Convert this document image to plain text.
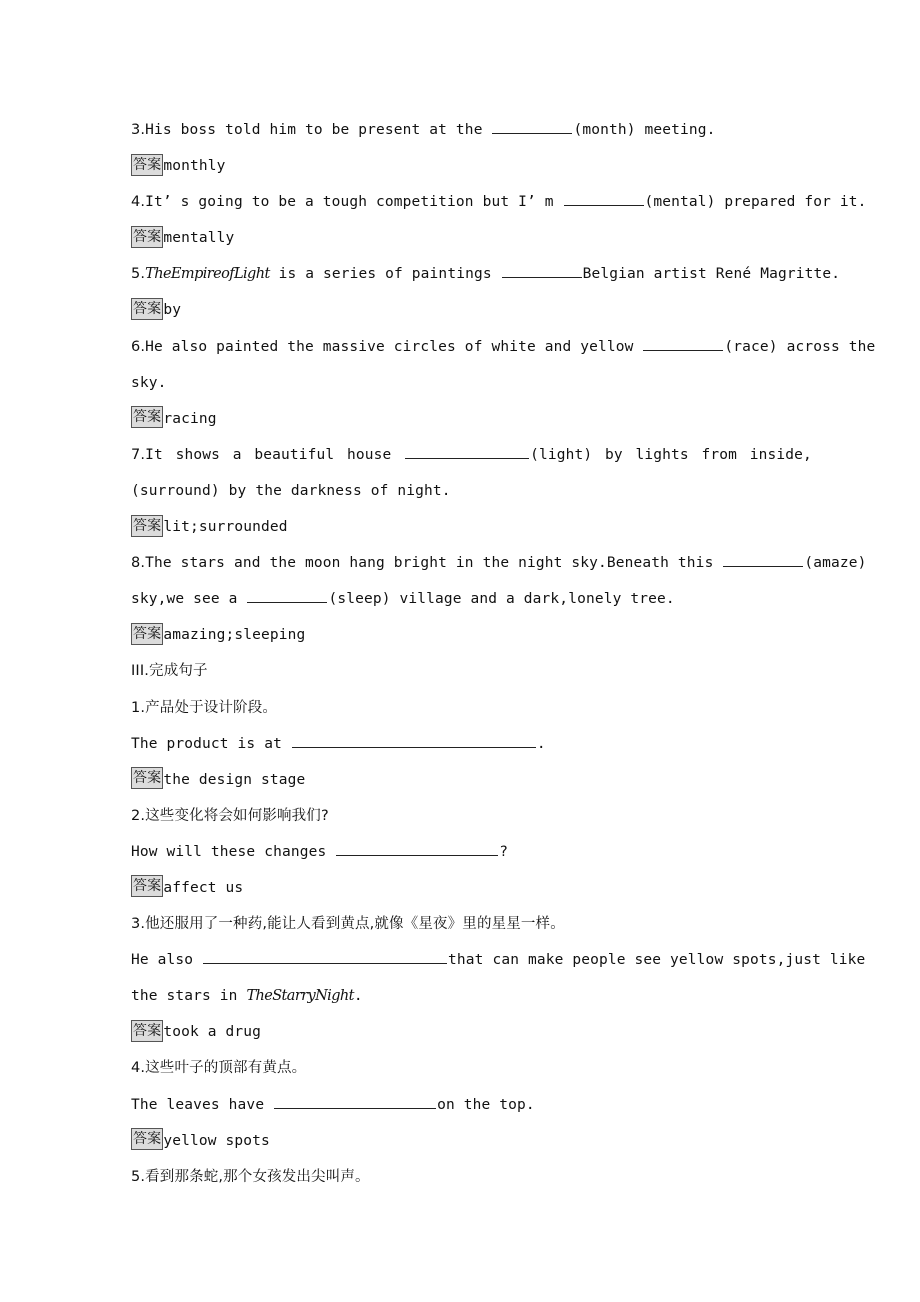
3.His boss told him to be present at the	(month) meeting.
答案 monthly
4.It’ s going to be a tough competition but I’ m	(mental) prepared for it.
答案 mentally
5.TheEmpireofLight is a series of paintings	Belgian artist René Magritte.
答案 by
6.He also painted the massive circles of white and yellow	(race) across the
sky.
答案 racing
7.It shows a beautiful house	(light) by lights from inside,
(surround) by the darkness of night.
答案 lit;surrounded
8.The stars and the moon hang bright in the night sky.Beneath this	(amaze)
sky,we see a	(sleep) village and a dark,lonely tree.
答案 amazing;sleeping
III.完成句子
1.产品处于设计阶段。
The product is at	.
答案 the design stage
2.这些变化将会如何影响我们?
How will these changes	?
答案 affect us
3.他还服用了一种药,能让人看到黄点,就像《星夜》里的星星一样。
He also	that can make people see yellow spots,just like
the stars in TheStarryNight.
答案 took a drug
4.这些叶子的顶部有黄点。
The leaves have	on the top.
答案 yellow spots
5.看到那条蛇,那个女孩发出尖叫声。
